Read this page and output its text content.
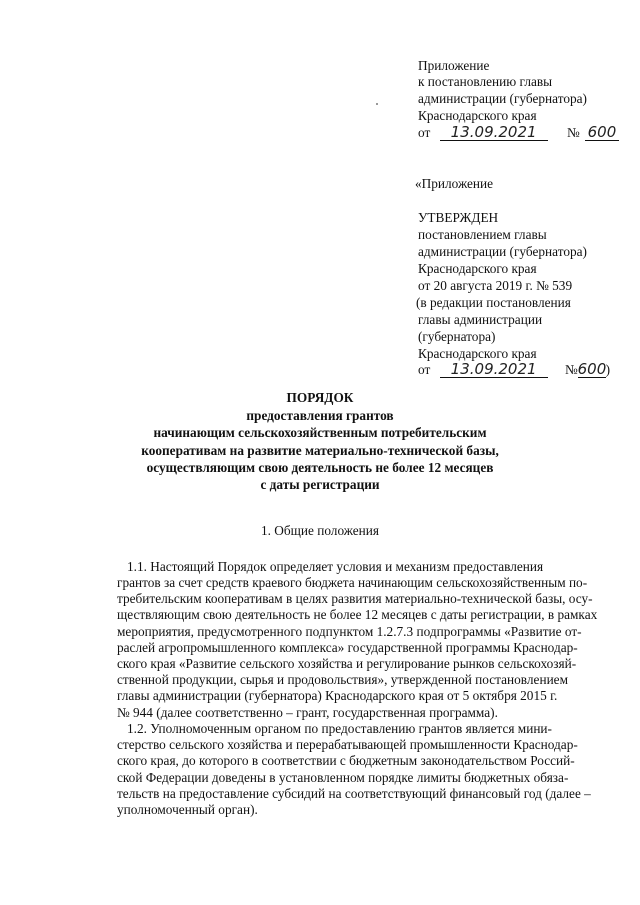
Приложение
к постановлению главы
администрации (губернатора)
Краснодарского края
от 13.09.2021 № 600
«Приложение
УТВЕРЖДЕН
постановлением главы
администрации (губернатора)
Краснодарского края
от 20 августа 2019 г. № 539
(в редакции постановления
главы администрации
(губернатора)
Краснодарского края
от 13.09.2021 №600)
ПОРЯДОК
предоставления грантов
начинающим сельскохозяйственным потребительским
кооперативам на развитие материально-технической базы,
осуществляющим свою деятельность не более 12 месяцев
с даты регистрации
1. Общие положения
1.1. Настоящий Порядок определяет условия и механизм предоставления
грантов за счет средств краевого бюджета начинающим сельскохозяйственным по-
требительским кооперативам в целях развития материально-технической базы, осу-
ществляющим свою деятельность не более 12 месяцев с даты регистрации, в рамках
мероприятия, предусмотренного подпунктом 1.2.7.3 подпрограммы «Развитие от-
раслей агропромышленного комплекса» государственной программы Краснодар-
ского края «Развитие сельского хозяйства и регулирование рынков сельскохозяй-
ственной продукции, сырья и продовольствия», утвержденной постановлением
главы администрации (губернатора) Краснодарского края от 5 октября 2015 г.
№ 944 (далее соответственно – грант, государственная программа).
1.2. Уполномоченным органом по предоставлению грантов является мини-
стерство сельского хозяйства и перерабатывающей промышленности Краснодар-
ского края, до которого в соответствии с бюджетным законодательством Россий-
ской Федерации доведены в установленном порядке лимиты бюджетных обяза-
тельств на предоставление субсидий на соответствующий финансовый год (далее –
уполномоченный орган).
